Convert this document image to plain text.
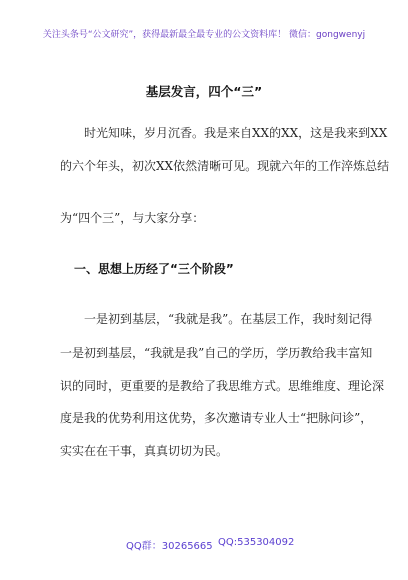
关注头条号“公文研究”，获得最新最全最专业的公文资料库！ 微信：gongwenyj
基层发言，四个“三”
时光知味，岁月沉香。我是来自XX的XX，这是我来到XX
的六个年头，初次XX依然清晰可见。现就六年的工作淬炼总结
为“四个三”，与大家分享：
一、思想上历经了“三个阶段”
一是初到基层，“我就是我”。在基层工作，我时刻记得
一是初到基层，“我就是我”自己的学历，学历教给我丰富知
识的同时，更重要的是教给了我思维方式。思维维度、理论深
度是我的优势利用这优势，多次邀请专业人士“把脉问诊”，
实实在在干事，真真切切为民。
QQ群：30265665 QQ:535304092
